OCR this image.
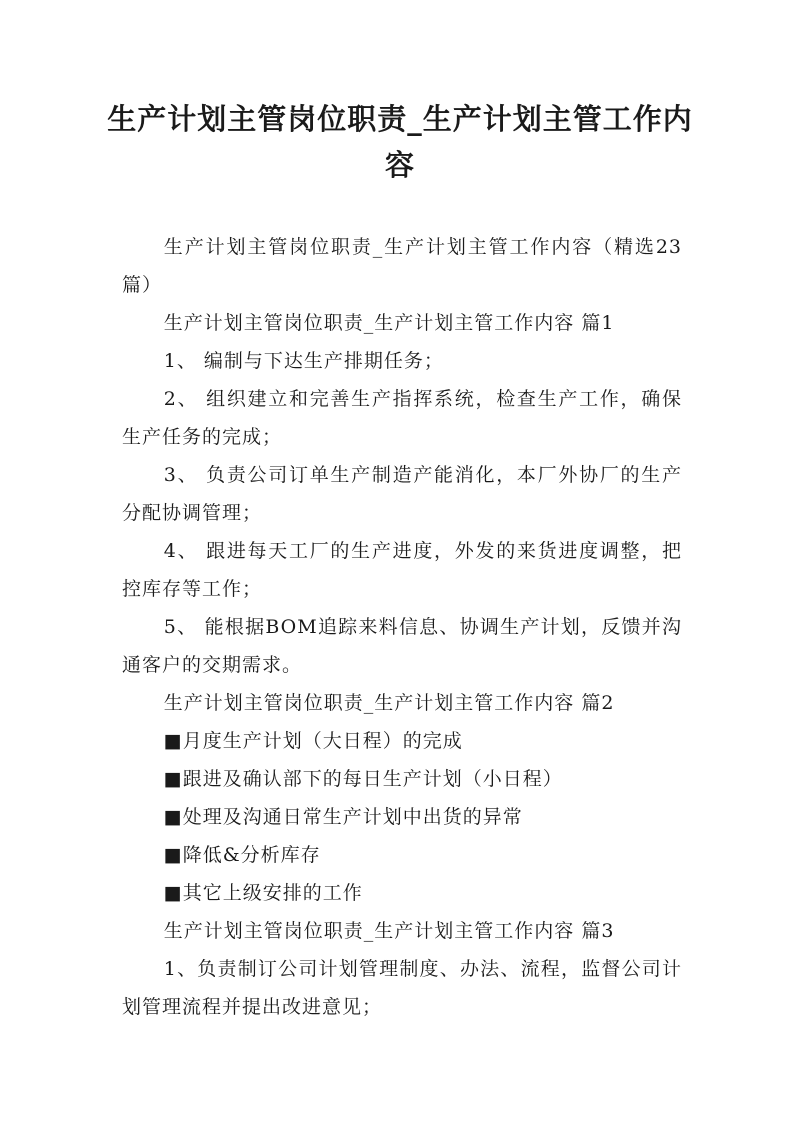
生产计划主管岗位职责_生产计划主管工作内容

生产计划主管岗位职责_生产计划主管工作内容（精选23篇）

生产计划主管岗位职责_生产计划主管工作内容 篇1

1、 编制与下达生产排期任务；

2、 组织建立和完善生产指挥系统，检查生产工作，确保生产任务的完成；

3、 负责公司订单生产制造产能消化，本厂外协厂的生产分配协调管理；

4、 跟进每天工厂的生产进度，外发的来货进度调整，把控库存等工作；

5、 能根据BOM追踪来料信息、协调生产计划，反馈并沟通客户的交期需求。

生产计划主管岗位职责_生产计划主管工作内容 篇2

■月度生产计划（大日程）的完成

■跟进及确认部下的每日生产计划（小日程）

■处理及沟通日常生产计划中出货的异常

■降低&分析库存

■其它上级安排的工作

生产计划主管岗位职责_生产计划主管工作内容 篇3

1、负责制订公司计划管理制度、办法、流程，监督公司计划管理流程并提出改进意见；
